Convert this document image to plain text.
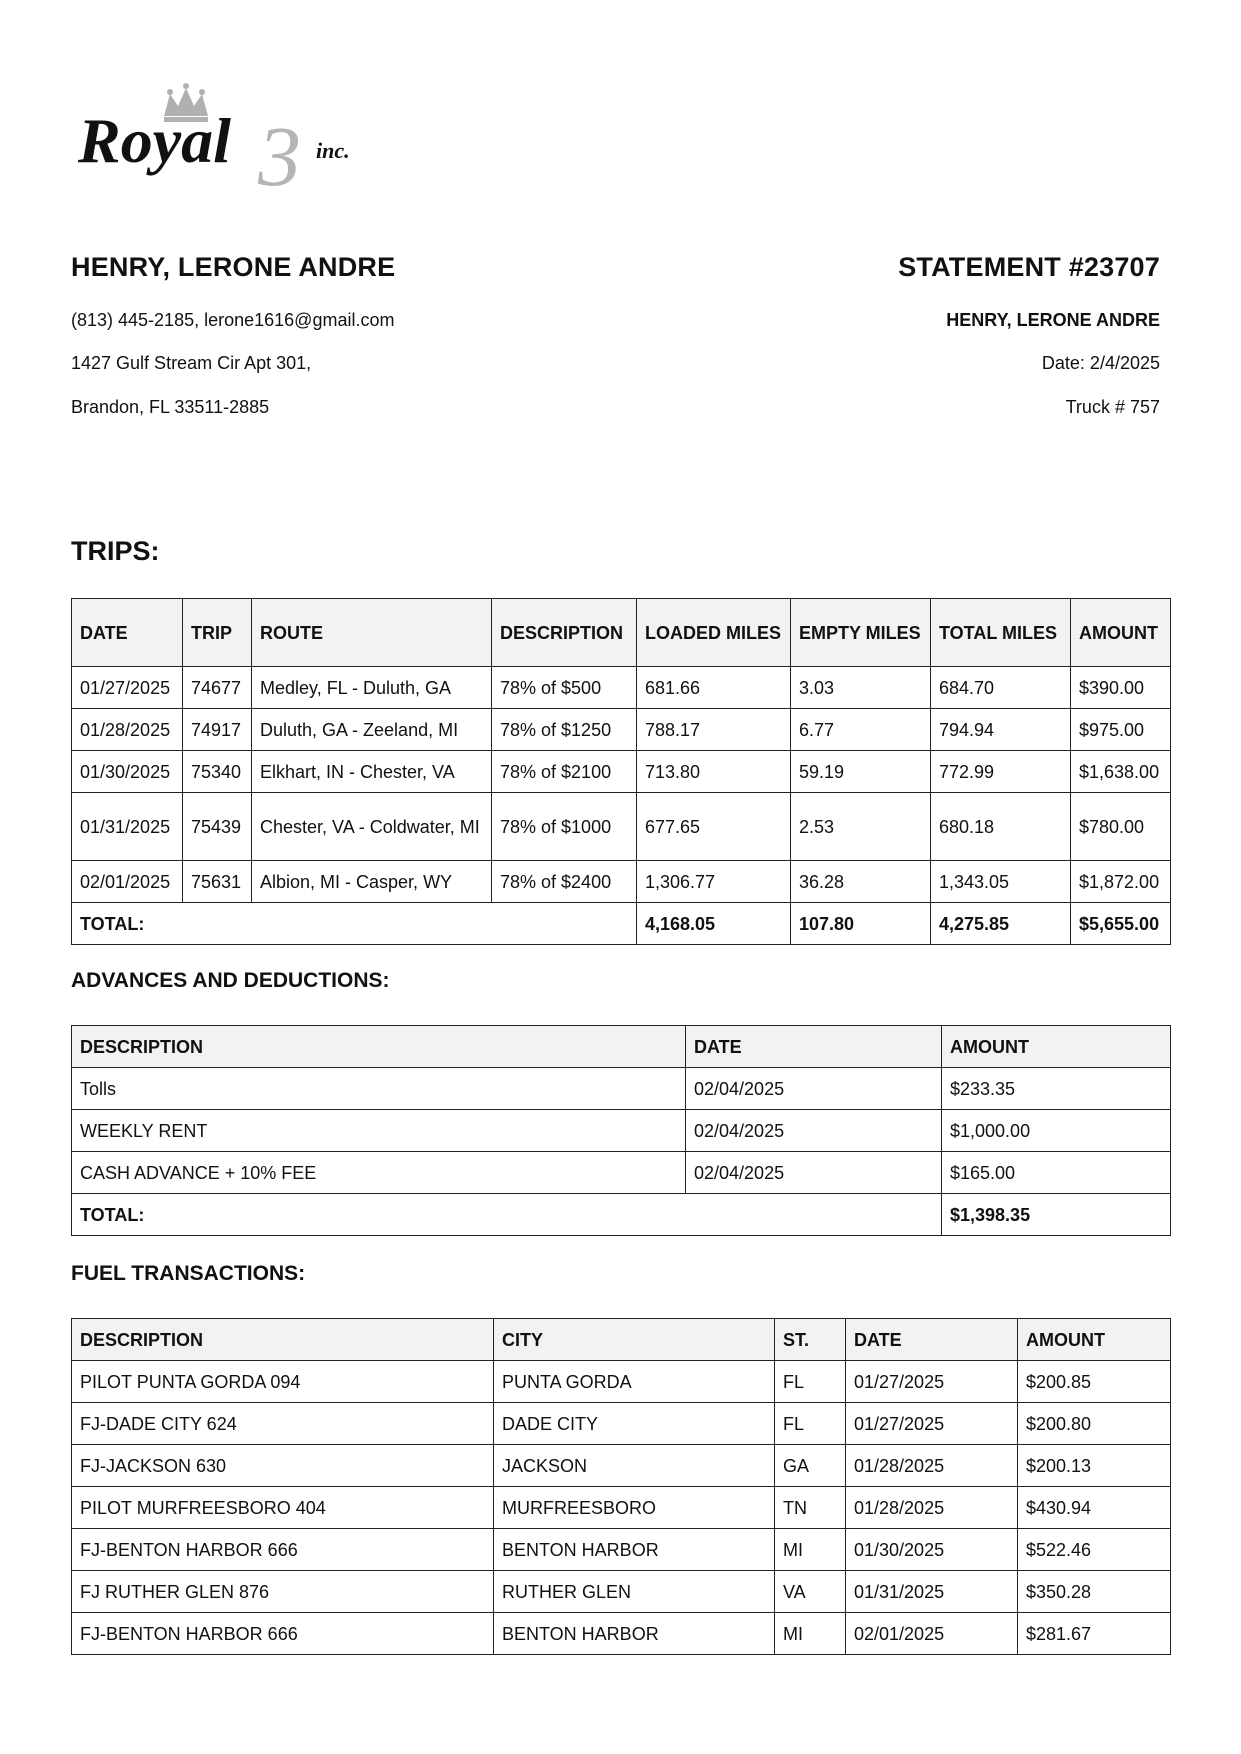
3
Royal	inc.
HENRY, LERONE ANDRE	STATEMENT #23707
(813) 445-2185, lerone1616@gmail.com
1427 Gulf Stream Cir Apt 301,
Brandon, FL 33511-2885
HENRY, LERONE ANDRE
Date: 2/4/2025
Truck # 757
TRIPS:
DATE	TRIP	ROUTE	DESCRIPTION	LOADED MILES	EMPTY MILES	TOTAL MILES	AMOUNT
01/27/2025	74677	Medley, FL - Duluth, GA	78% of $500	681.66	3.03	684.70	$390.00
01/28/2025	74917	Duluth, GA - Zeeland, MI	78% of $1250	788.17	6.77	794.94	$975.00
01/30/2025	75340	Elkhart, IN - Chester, VA	78% of $2100	713.80	59.19	772.99	$1,638.00
01/31/2025	75439	Chester, VA - Coldwater, MI	78% of $1000	677.65	2.53	680.18	$780.00
02/01/2025	75631	Albion, MI - Casper, WY	78% of $2400	1,306.77	36.28	1,343.05	$1,872.00
TOTAL:				4,168.05	107.80	4,275.85	$5,655.00
ADVANCES AND DEDUCTIONS:
DESCRIPTION	DATE	AMOUNT
Tolls	02/04/2025	$233.35
WEEKLY RENT	02/04/2025	$1,000.00
CASH ADVANCE + 10% FEE	02/04/2025	$165.00
TOTAL:		$1,398.35
FUEL TRANSACTIONS:
DESCRIPTION	CITY	ST.	DATE	AMOUNT
PILOT PUNTA GORDA 094	PUNTA GORDA	FL	01/27/2025	$200.85
FJ-DADE CITY 624	DADE CITY	FL	01/27/2025	$200.80
FJ-JACKSON 630	JACKSON	GA	01/28/2025	$200.13
PILOT MURFREESBORO 404	MURFREESBORO	TN	01/28/2025	$430.94
FJ-BENTON HARBOR 666	BENTON HARBOR	MI	01/30/2025	$522.46
FJ RUTHER GLEN 876	RUTHER GLEN	VA	01/31/2025	$350.28
FJ-BENTON HARBOR 666	BENTON HARBOR	MI	02/01/2025	$281.67
